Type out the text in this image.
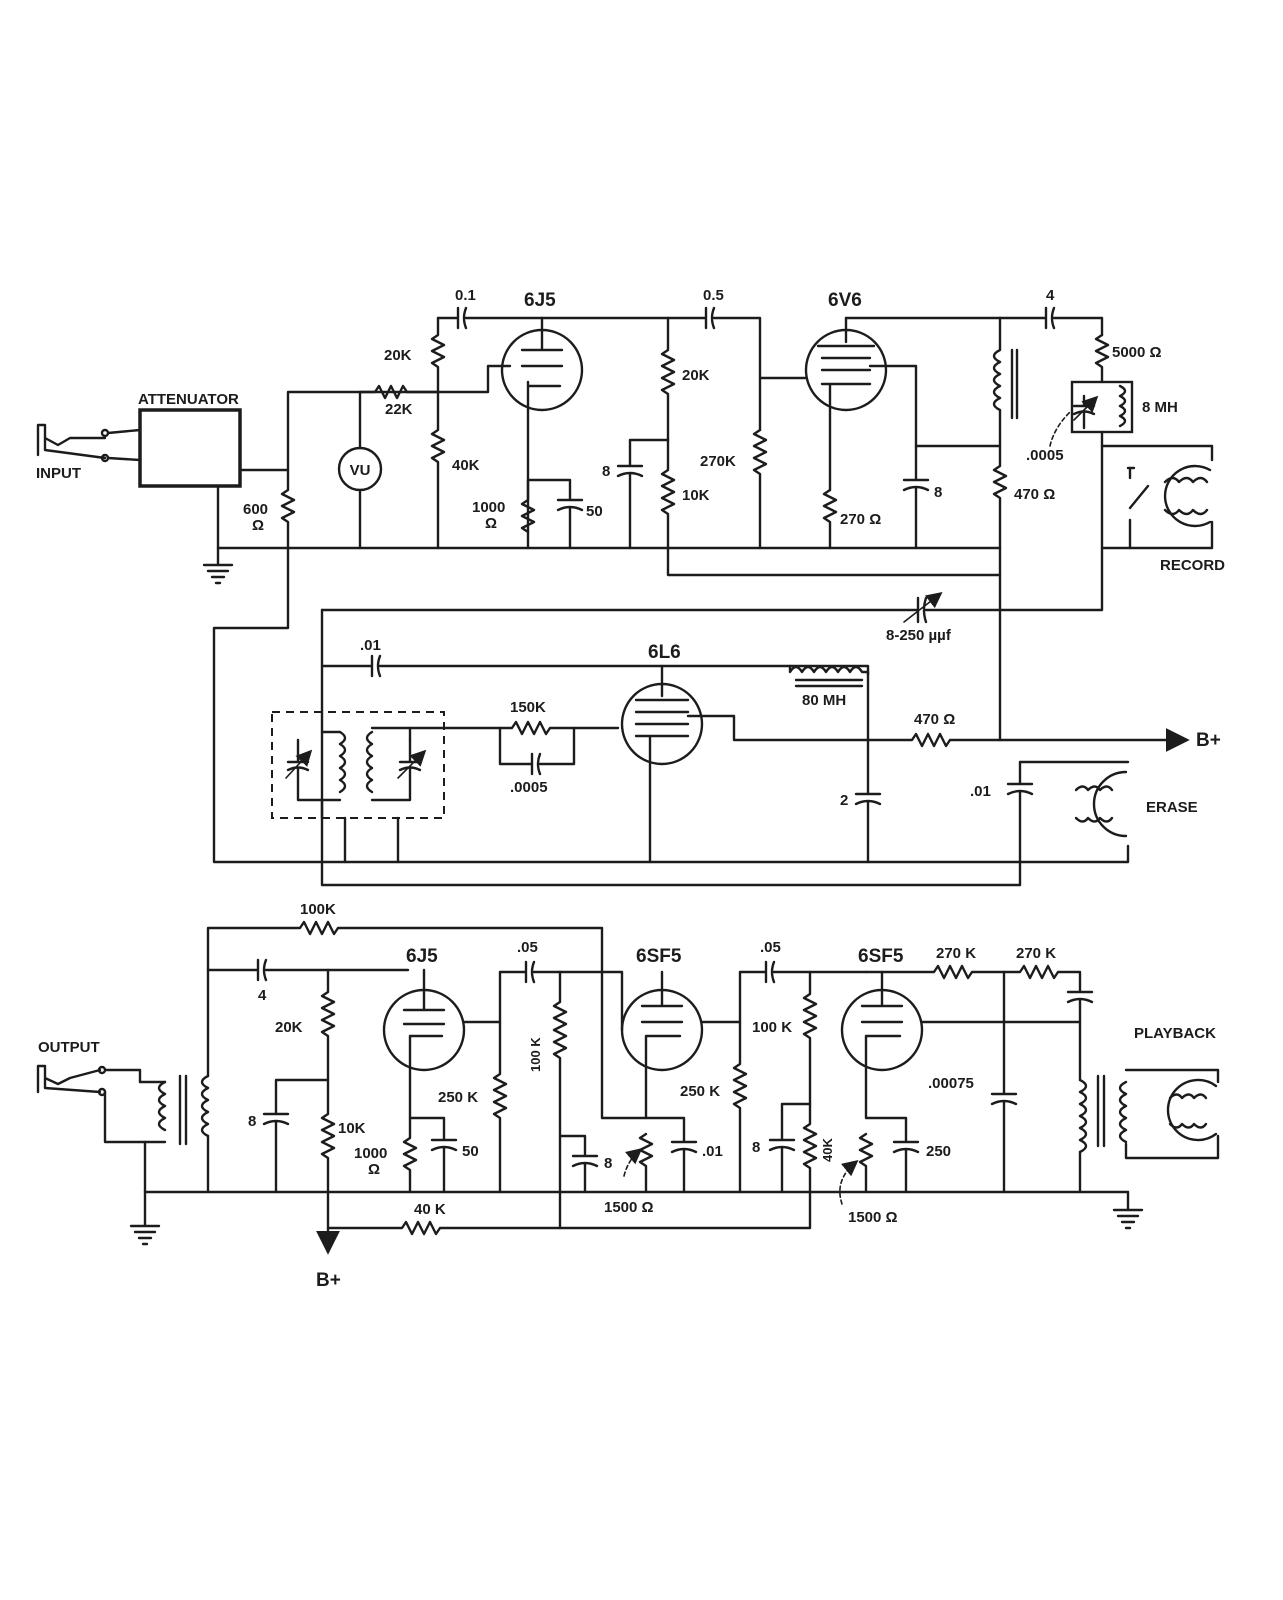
INPUT
ATTENUATOR
600
Ω
VU
20K
22K
40K
0.1	6J5
1000
Ω
50
0.5
20K
10K
8
270K
6V6
8
270 Ω
470 Ω
4
5000 Ω
8 MH
.0005
RECORD
8-250 µµf
.01
80 MH
150K
.0005
6L6
470 Ω
B+
2
.01
ERASE
100K
OUTPUT
4
20K
8	10K
B+
40 K
6J5
1000
Ω
50
.05
250 K
100 K
8
6SF5
1500 Ω
.01
.05
250 K
100 K
8	40K
6SF5
1500 Ω
250
270 K	270 K
.00075
PLAYBACK
